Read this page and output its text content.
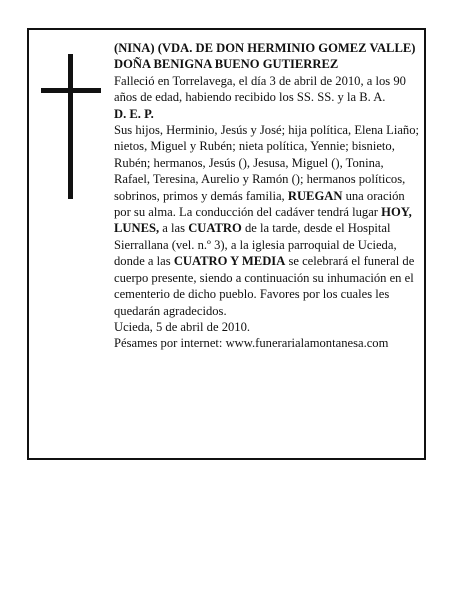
(NINA) (VDA. DE DON HERMINIO GOMEZ VALLE)

DOÑA BENIGNA BUENO GUTIERREZ

Falleció en Torrelavega, el día 3 de abril de 2010, a los 90 años de edad, habiendo recibido los SS. SS. y la B. A.

D. E. P.

Sus hijos, Herminio, Jesús y José; hija política, Elena Liaño; nietos, Miguel y Rubén; nieta política, Yennie; bisnieto, Rubén; hermanos, Jesús (), Jesusa, Miguel (), Tonina, Rafael, Teresina, Aurelio y Ramón (); hermanos políticos, sobrinos, primos y demás familia, RUEGAN una oración por su alma. La conducción del cadáver tendrá lugar HOY, LUNES, a las CUATRO de la tarde, desde el Hospital Sierrallana (vel. n.º 3), a la iglesia parroquial de Ucieda, donde a las CUATRO Y MEDIA se celebrará el funeral de cuerpo presente, siendo a continuación su inhumación en el cementerio de dicho pueblo. Favores por los cuales les quedarán agradecidos.

Ucieda, 5 de abril de 2010.

Pésames por internet: www.funerarialamontanesa.com
